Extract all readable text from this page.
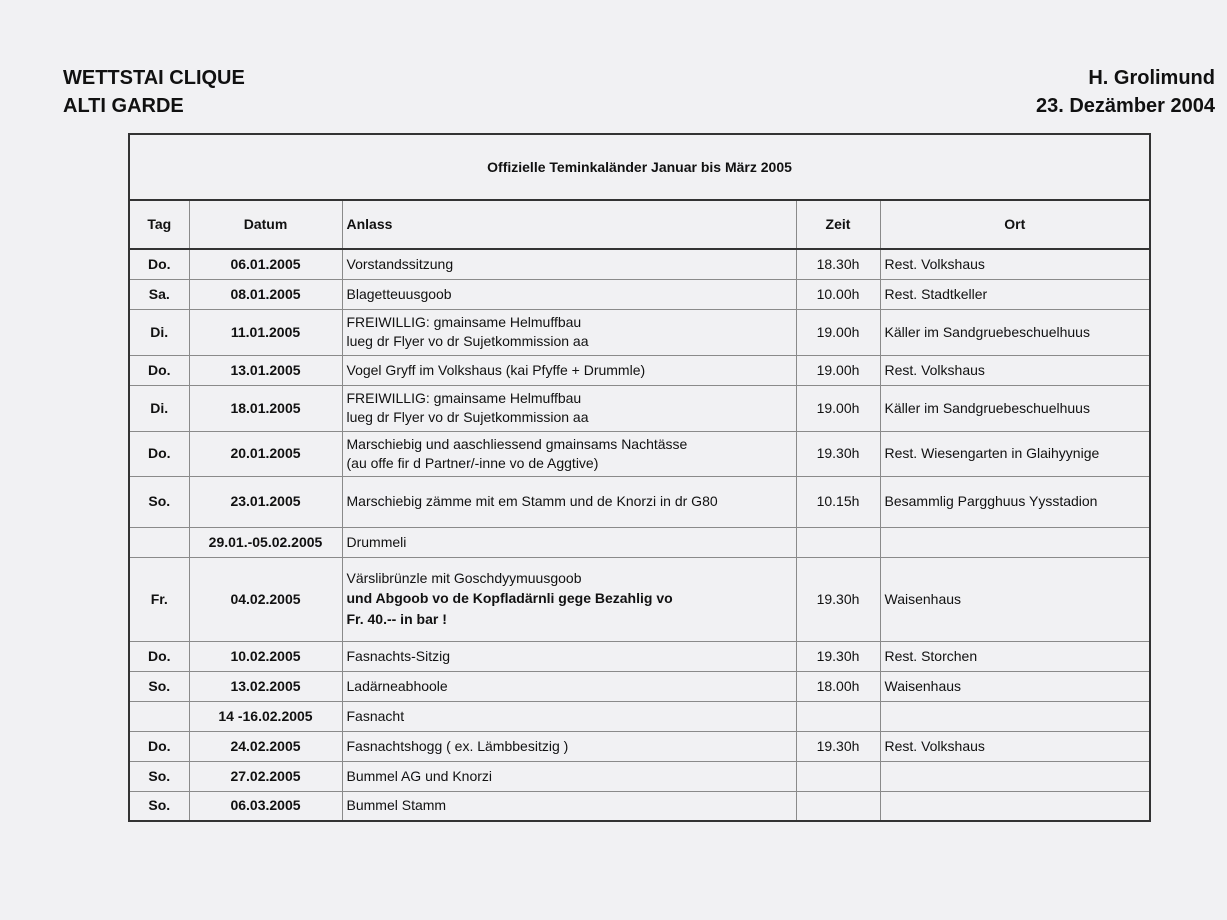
WETTSTAI CLIQUE
ALTI GARDE
H. Grolimund
23. Dezämber 2004
Offizielle Teminkaländer Januar bis März 2005				
Tag	Datum	Anlass	Zeit	Ort
Do.	06.01.2005	Vorstandssitzung	18.30h	Rest. Volkshaus
Sa.	08.01.2005	Blagetteuusgoob	10.00h	Rest. Stadtkeller
Di.	11.01.2005	FREIWILLIG: gmainsame Helmuffbau
lueg dr Flyer vo dr Sujetkommission aa	19.00h	Käller im Sandgruebeschuelhuus
Do.	13.01.2005	Vogel Gryff im Volkshaus (kai Pfyffe + Drummle)	19.00h	Rest. Volkshaus
Di.	18.01.2005	FREIWILLIG: gmainsame Helmuffbau
lueg dr Flyer vo dr Sujetkommission aa	19.00h	Käller im Sandgruebeschuelhuus
Do.	20.01.2005	Marschiebig und aaschliessend gmainsams Nachtässe
(au offe fir d Partner/-inne vo de Aggtive)	19.30h	Rest. Wiesengarten in Glaihyynige
So.	23.01.2005	Marschiebig zämme mit em Stamm und de Knorzi in dr G80	10.15h	Besammlig Pargghuus Yysstadion
	29.01.-05.02.2005	Drummeli		

Fr.	04.02.2005	Värslibrünzle mit Goschdyymuusgoob
und Abgoob vo de Kopfladärnli gege Bezahlig vo
Fr. 40.-- in bar !	19.30h	Waisenhaus
Do.	10.02.2005	Fasnachts-Sitzig	19.30h	Rest. Storchen
So.	13.02.2005	Ladärneabhoole	18.00h	Waisenhaus
	14 -16.02.2005	Fasnacht		

Do.	24.02.2005	Fasnachtshogg ( ex. Lämbbesitzig )	19.30h	Rest. Volkshaus
So.	27.02.2005	Bummel AG und Knorzi		

So.	06.03.2005	Bummel Stamm		
